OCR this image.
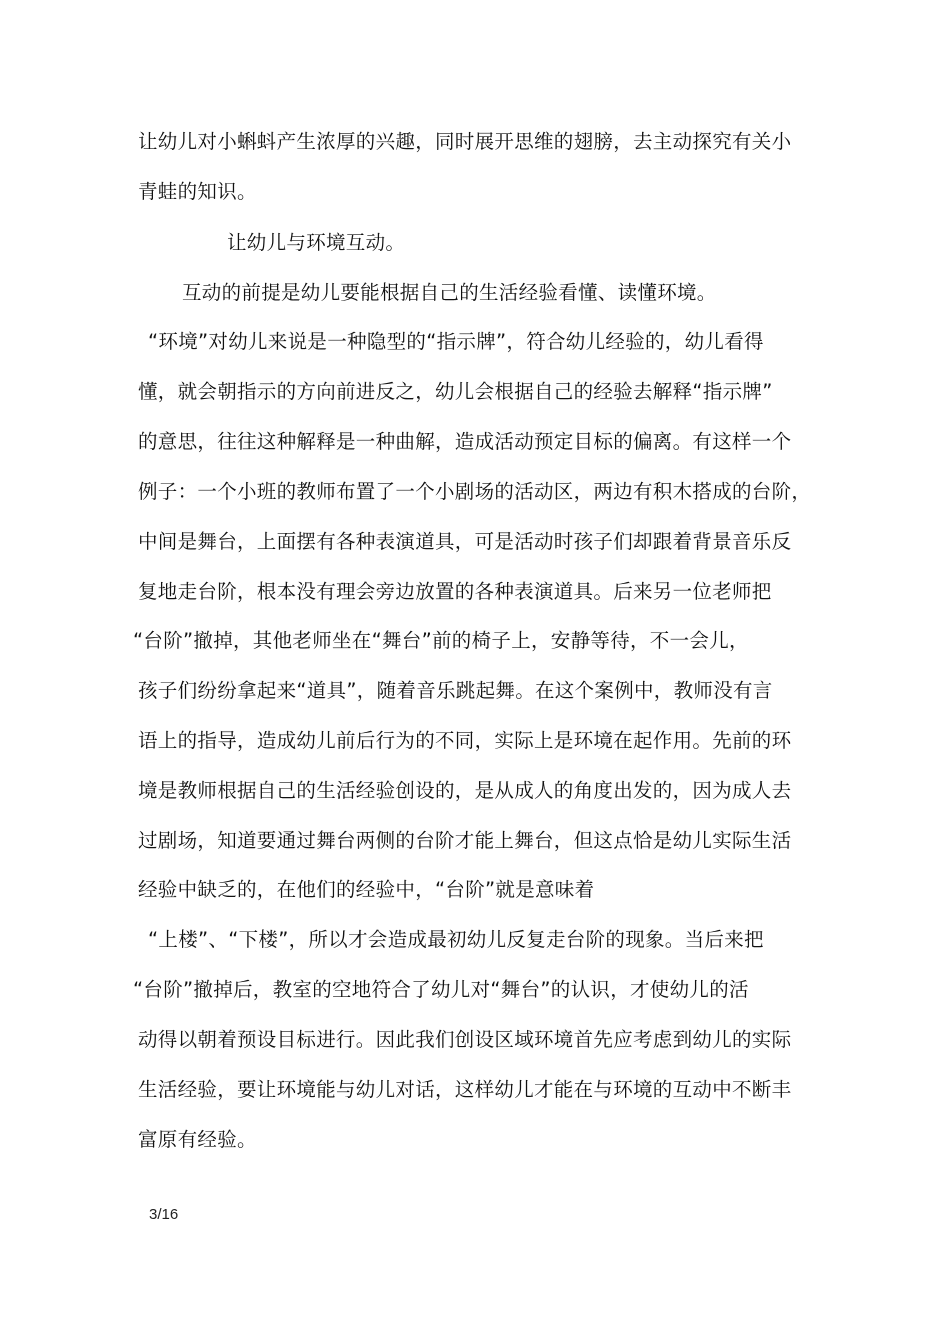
让幼儿对小蝌蚪产生浓厚的兴趣，同时展开思维的翅膀，去主动探究有关小
青蛙的知识。
让幼儿与环境互动。
互动的前提是幼儿要能根据自己的生活经验看懂、读懂环境。
“环境”对幼儿来说是一种隐型的“指示牌”，符合幼儿经验的，幼儿看得
懂，就会朝指示的方向前进反之，幼儿会根据自己的经验去解释“指示牌”
的意思，往往这种解释是一种曲解，造成活动预定目标的偏离。有这样一个
例子：一个小班的教师布置了一个小剧场的活动区，两边有积木搭成的台阶，
中间是舞台，上面摆有各种表演道具，可是活动时孩子们却跟着背景音乐反
复地走台阶，根本没有理会旁边放置的各种表演道具。后来另一位老师把
“台阶”撤掉，其他老师坐在“舞台”前的椅子上，安静等待，不一会儿，
孩子们纷纷拿起来“道具”，随着音乐跳起舞。在这个案例中，教师没有言
语上的指导，造成幼儿前后行为的不同，实际上是环境在起作用。先前的环
境是教师根据自己的生活经验创设的，是从成人的角度出发的，因为成人去
过剧场，知道要通过舞台两侧的台阶才能上舞台，但这点恰是幼儿实际生活
经验中缺乏的，在他们的经验中，“台阶”就是意味着
“上楼”、“下楼”，所以才会造成最初幼儿反复走台阶的现象。当后来把
“台阶”撤掉后，教室的空地符合了幼儿对“舞台”的认识，才使幼儿的活
动得以朝着预设目标进行。因此我们创设区域环境首先应考虑到幼儿的实际
生活经验，要让环境能与幼儿对话，这样幼儿才能在与环境的互动中不断丰
富原有经验。
3/16
